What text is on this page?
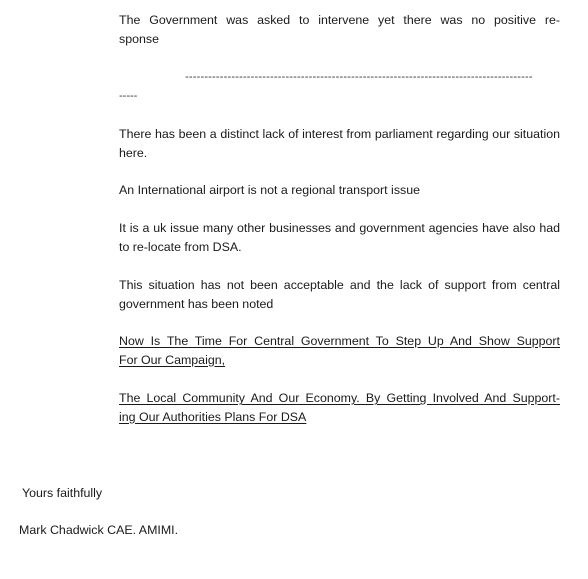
The Government was asked to intervene yet there was no positive re-
sponse

------------------------------------------------------------------------------------------
-----

There has been a distinct lack of interest from parliament regarding our situation here.

An International airport is not a regional transport issue

It is a uk issue many other businesses and government agencies have also had to re-locate from DSA.

This situation has not been acceptable and the lack of support from central government has been noted

Now Is The Time For Central Government To Step Up And Show Support
For Our Campaign,

The Local Community And Our Economy. By Getting Involved And Support-
ing Our Authorities Plans For DSA

Yours faithfully
Mark Chadwick CAE. AMIMI.
